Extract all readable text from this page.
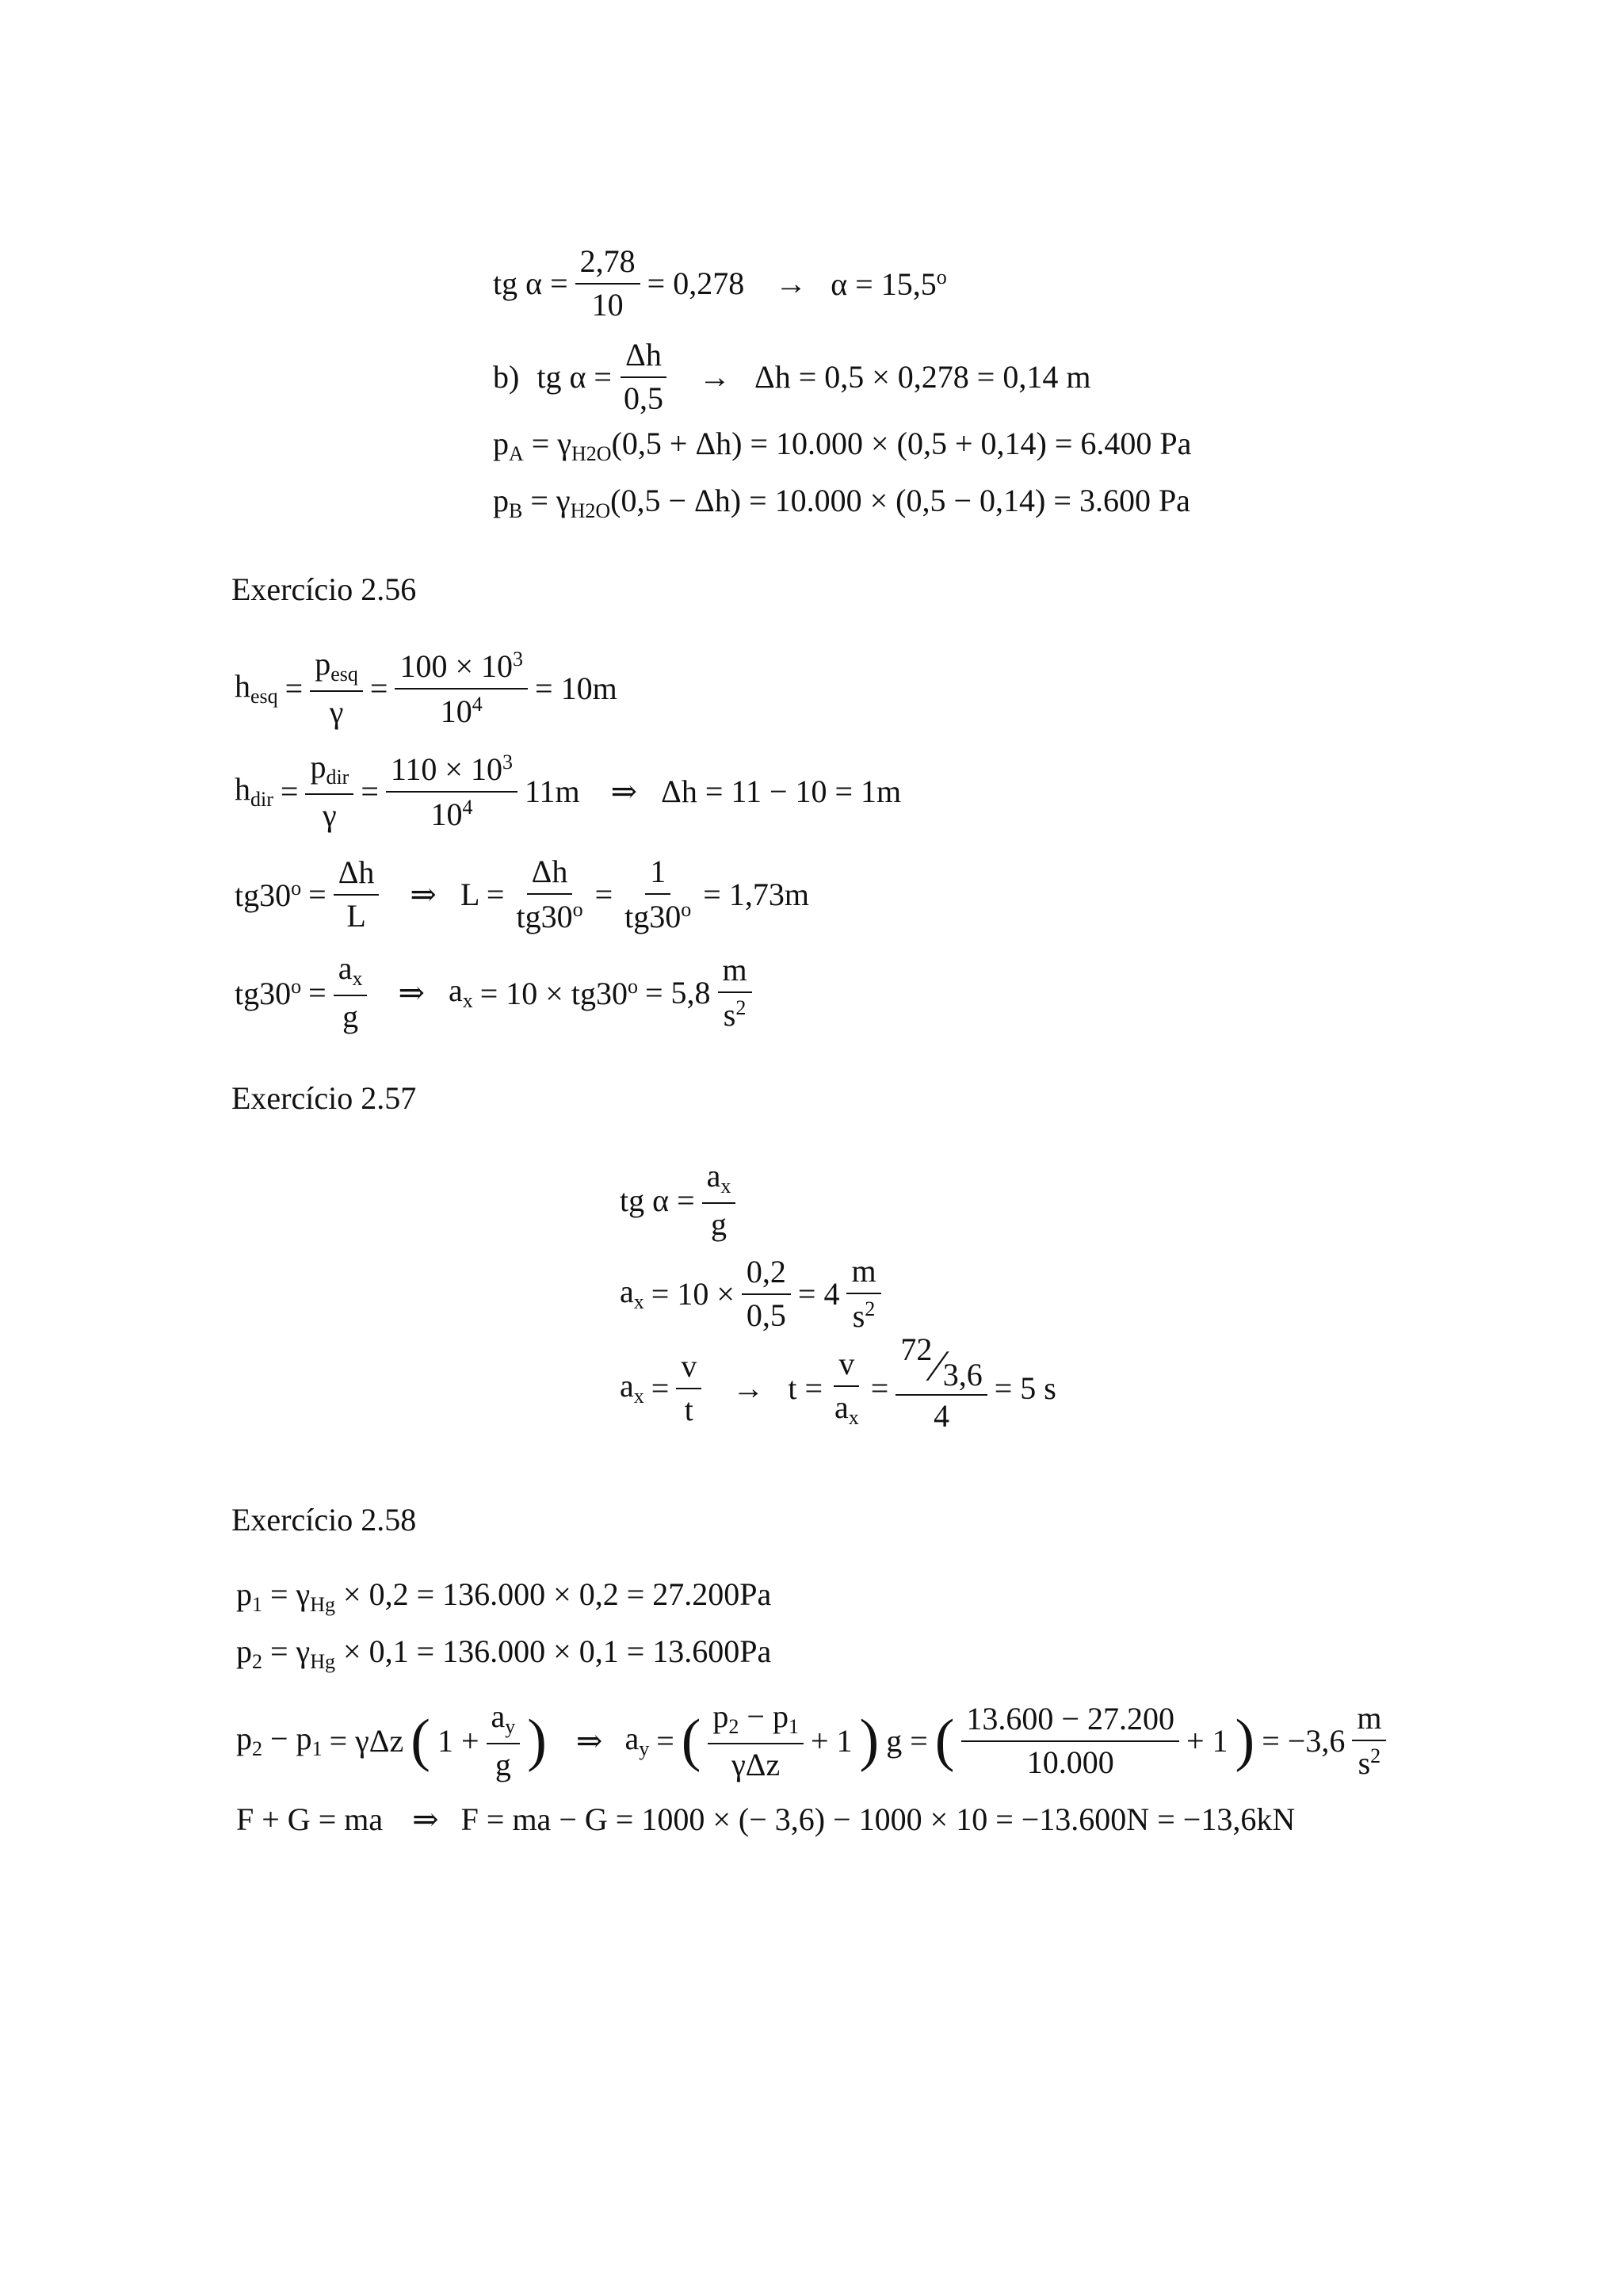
tg $\alpha = \frac{2,78}{10} = 0,278 \to \alpha = 15,5^o$
b) tg $\alpha = \frac{\Delta h}{0,5} \to \Delta h = 0,5 \times 0,278 = 0,14$ m
$p_A = \gamma_{H2O}(0,5 + \Delta h) = 10.000 \times (0,5 + 0,14) = 6.400$ Pa
$p_B = \gamma_{H2O}(0,5 - \Delta h) = 10.000 \times (0,5 - 0,14) = 3.600$ Pa
Exercício 2.56
$h_{esq} = \frac{p_{esq}}{\gamma} = \frac{100 \times 10^3}{10^4} = 10m$
$h_{dir} = \frac{p_{dir}}{\gamma} = \frac{110 \times 10^3}{10^4} 11m$ ⇒ Δh = 11 − 10 = 1m
$tg30^o = \frac{\Delta h}{L}$ ⇒ $L = \frac{\Delta h}{tg30^o} = \frac{1}{tg30^o} = 1,73m$
$tg30^o = \frac{a_x}{g}$ ⇒ $a_x = 10 \times tg30^o = 5,8 \frac{m}{s^2}$
Exercício 2.57
tg $\alpha = \frac{a_x}{g}$
$a_x = 10 \times \frac{0,2}{0,5} = 4 \frac{m}{s^2}$
$a_x = \frac{v}{t} \to t = \frac{v}{a_x} = \frac{72⁄3,6}{4} = 5$ s
Exercício 2.58
$p_1 = \gamma_{Hg} \times 0,2 = 136.000 \times 0,2 = 27.200Pa$
$p_2 = \gamma_{Hg} \times 0,1 = 136.000 \times 0,1 = 13.600Pa$
$p_2 - p_1 = \gamma\Delta z$ ( $1 + \frac{a_y}{g}$ ) ⇒ $a_y$ = ( $\frac{p_2 - p_1}{\text{γΔz}} + 1$ ) g = ( $\frac{13.600 - 27.200}{10.000} + 1$ ) = $-3,6 \frac{m}{s^2}$
F + G = ma ⇒ F = ma − G = 1000 × (− 3,6) − 1000 × 10 = −13.600N = −13,6kN
